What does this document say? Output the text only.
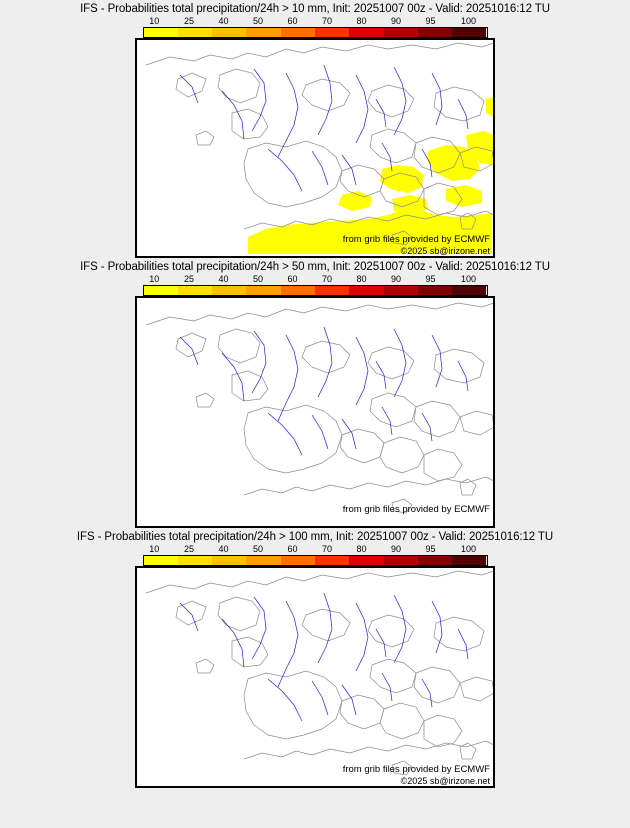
IFS - Probabilities total precipitation/24h > 10 mm, Init: 20251007 00z - Valid: 20251016:12 TU
10	25	40	50	60	70	80	90	95	100
from grib files provided by ECMWF
©2025 sb@irizone.net
IFS - Probabilities total precipitation/24h > 50 mm, Init: 20251007 00z - Valid: 20251016:12 TU
10	25	40	50	60	70	80	90	95	100
from grib files provided by ECMWF
IFS - Probabilities total precipitation/24h > 100 mm, Init: 20251007 00z - Valid: 20251016:12 TU
10	25	40	50	60	70	80	90	95	100
from grib files provided by ECMWF
©2025 sb@irizone.net
